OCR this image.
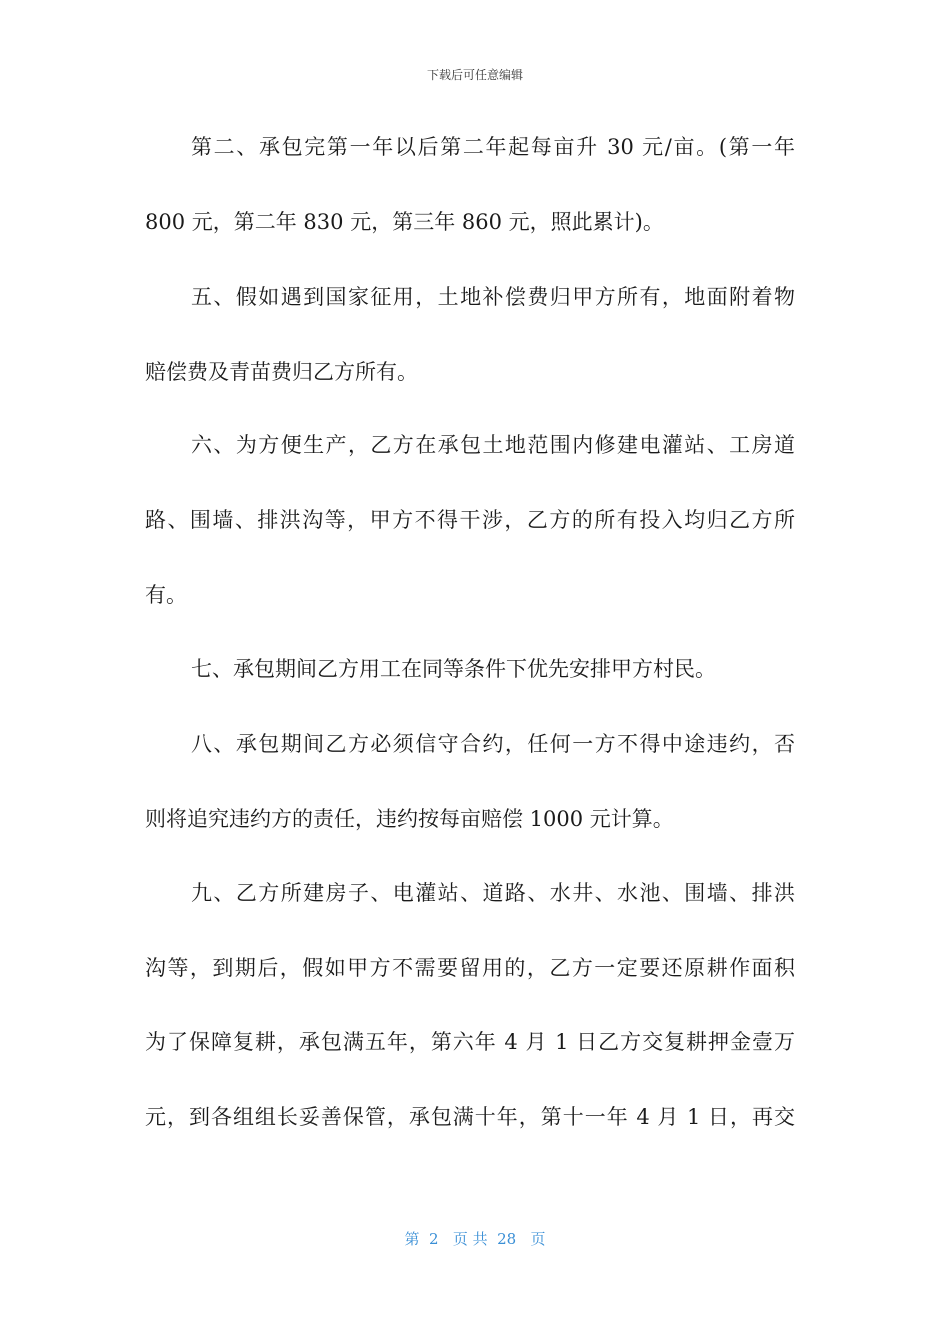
下载后可任意编辑
第二、承包完第一年以后第二年起每亩升 30 元/亩。(第一年
800 元，第二年 830 元，第三年 860 元，照此累计)。
五、假如遇到国家征用，土地补偿费归甲方所有，地面附着物
赔偿费及青苗费归乙方所有。
六、为方便生产，乙方在承包土地范围内修建电灌站、工房道
路、围墙、排洪沟等，甲方不得干涉，乙方的所有投入均归乙方所
有。
七、承包期间乙方用工在同等条件下优先安排甲方村民。
八、承包期间乙方必须信守合约，任何一方不得中途违约，否
则将追究违约方的责任，违约按每亩赔偿 1000 元计算。
九、乙方所建房子、电灌站、道路、水井、水池、围墙、排洪
沟等，到期后，假如甲方不需要留用的，乙方一定要还原耕作面积
为了保障复耕，承包满五年，第六年 4 月 1 日乙方交复耕押金壹万
元，到各组组长妥善保管，承包满十年，第十一年 4 月 1 日，再交
第  2   页 共  28   页
